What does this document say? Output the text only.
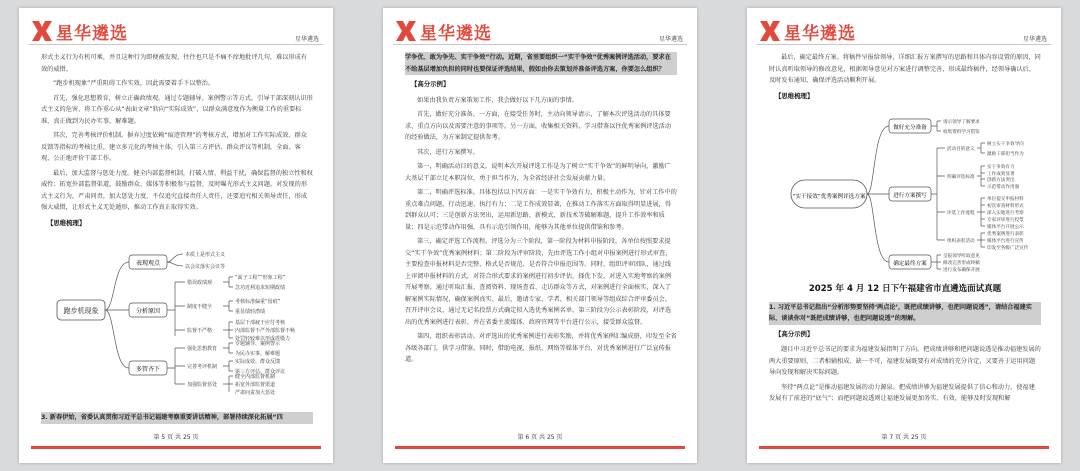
星华遴选	星华遴选

形式主义行为有机可乘，并且这种行为即便被发现，往往也只是不痛不痒地批评几句，难以形成有效的威慑。

“跑步机现象”严重阻碍工作实效，因此需要着手下以整治。

首先，强化思想教育，树立正确政绩观。通过专题辅导、案例警示等方式，引导干部深刻认识形式主义的危害，将工作重心从“表面文章”转向“实际成效”，以群众满意度作为衡量工作的重要标准，真正做到为民办实事、解难题。

其次，完善考核评价机制。摒弃过度依赖“痕迹管理”的考核方式，增加对工作实际成效、群众反馈等指标的考核比重，建立多元化的考核主体，引入第三方评估、群众评议等机制，全面、客观、公正地评价干部工作。

最后，加大监督与惩处力度。健全内部监督机制，打破人情、利益干扰，确保监督的独立性和权威性；拓宽外部监督渠道，鼓励群众、媒体等积极参与监督，及时曝光形式主义问题。对发现的形式主义行为，严肃问责，加大惩处力度，不仅追究直接责任人责任，还要追究相关领导责任，形成强大威慑，让形式主义无处遁形，推动工作真正取得实效。

【思维梳理】
跑步机现象
表现观点
分析原因
多管齐下
本质上是形式主义
以会议落实会议等
错误政绩观
制度不健全
监督不严格
强化思想教育
完善考评机制
加强监督惩处
“面子工程”“形象工程”
急功近利追求短期政绩
考核标准偏重“留痕”
重显绩轻潜绩
基层干部疲于应付考核
内部监督不严外部监督不畅
处罚轻较难以形成震慑力
专题辅导、案例警示
为民办实事、解难题
实际成效、群众反馈
第三方评估、群众评议
健全内部监督机制
拓宽外部监督渠道
严肃问责加大惩处

3. 新春伊始，省委认真贯彻习近平总书记福建考察重要讲话精神，部署持续深化拓展“四

第 5 页 共 25 页
星华遴选	星华遴选

学争优、敢为争先、实干争效”行动。近期，省里要组织一“实干争效”优秀案例评选活动，要求在不给基层增加负担的同时也要保证评选结果，假如由你去策划并准备评选方案，你要怎么组织？

【高分示例】

如果由我负责方案策划工作，我会做好以下几方面的事情。

首先，做好充分准备。一方面，在接受任务时，主动向领导请示，了解本次评选活动的具体要求、重点方向以及需要注意的事项等。另一方面，收集相关资料，学习借鉴以往优秀案例评选活动的经验做法，为方案制定提供参考。

其次，进行方案撰写。

第一，明确活动目的意义。说明本次开展评选工作是为了树立“实干争效”的鲜明导向，激励广大基层干部立足本职岗位，勇于担当作为，为全省经济社会发展贡献力量。

第二，明确评选标准。具体包括以下四方面：一是实干争效有力，积极主动作为，针对工作中的重点难点问题，行动迅速、执行有力；二是工作成效显著，在推动工作落实方面取得明显进展，得到群众认可；三是创新方法突出，运用新思路、新模式、新技术等破解难题，提升工作效率和质量；四是示范带动作用强，具有示范引领作用，能够为其他单位提供借鉴和参考。

第三，确定评选工作流程。评选分为三个阶段，第一阶段为材料申报阶段，各单位按照要求提交“实干争效”优秀案例材料；第二阶段为评审阶段，先由评选工作小组对申报案例进行形式审查，主要检查申报材料是否完整、格式是否规范、是否符合申报范围等。同时，组织评审团队，通过线上审阅申报材料的方式，对符合形式要求的案例进行初步评估，择优下发。对进入实地考察的案例开展考察，通过听取汇报、查阅资料、现场查看、走访群众等方式，对案例进行全面核实，深入了解案例实际情况，确保案例真实、最后，邀请专家、学者、相关部门领导等组成综合评审委员会，召开评审会议，通过无记名投票方式确定拟入选优秀案例名单。第三阶段为公示表彰阶段，对评选出的优秀案例进行表彰，并在省委主流媒体、政府官网等平台进行公示，接受群众监督。

第四，组织表彰活动。对评选出的优秀案例进行表彰奖励，并将优秀案例汇编成册，印发至全省各级各部门，供学习借鉴。同时，借助电视、报纸、网络等媒体平台，对优秀案例进行广泛宣传报道。

第 6 页 共 25 页
星华遴选	星华遴选

最后，确定最终方案。将稿件呈报给领导，详细汇报方案撰写的思路和具体内容设置的原因，同时认真听取领导的修改意见，根据领导意见对方案进行调整完善，形成最终稿件，经领导确认后，及时发布通知，确保评选活动顺利开展。

【思维梳理】
“实干接效”优秀案例评选方案
做好充分准备
进行方案撰写
确定最终方案
请示领导了解要求
收集资料学习借鉴
活动目的意义
明确评选标准
评选工作流程
组织表彰活动
树立实干争效导向
激励干部担当作为
实干争效有力
工作成效显著
创新方法突出
示范带动作用强
单位提交申报材料
初次审查材料形式
深入实地进行考察
专家评审进行投票
媒体平台开展公示
优秀案例进行表彰
媒体平台进行宣传
印发至各级广泛宣传
呈报领导听取意见
修改完善形成终稿
进行发布确保开展
2025 年 4 月 12 日下午福建省市直遴选面试真题

1. 习近平总书记指出“分析形势要坚持‘两点论’，既把成绩讲够，也把问题说透”，请结合福建实际，谈谈你对“既把成绩讲够，也把问题说透”的理解。

【高分示例】

题目中习近平总书记的要求为福建发展指明了方向。把成绩讲够和把问题说透是推动福建发展的两大重要原则，二者相辅相成、缺一不可，福建发展既要有对成绩的充分肯定，又要善于运用问题导向发现和解决实际问题。

坚持“两点论”是推动福建发展的动力源泉。把成绩讲够为福建发展提供了信心和动力，使福建发展有了前进的“底气”；而把问题说透则让福建发展更加务实、有效，能够及时发现和解

第 7 页 共 25 页
